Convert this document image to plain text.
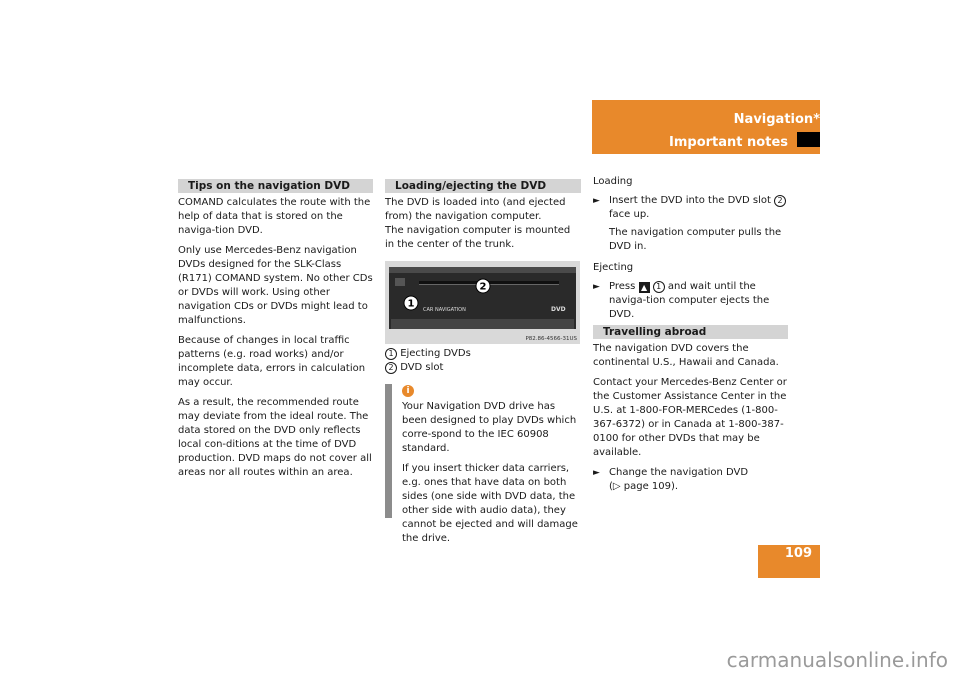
Navigation*
Important notes
Tips on the navigation DVD

COMAND calculates the route with the help of data that is stored on the naviga-tion DVD.

Only use Mercedes-Benz navigation DVDs designed for the SLK-Class (R171) COMAND system. No other CDs or DVDs will work. Using other navigation CDs or DVDs might lead to malfunctions.

Because of changes in local traffic patterns (e.g. road works) and/or incomplete data, errors in calculation may occur.

As a result, the recommended route may deviate from the ideal route. The data stored on the DVD only reflects local con-ditions at the time of DVD production. DVD maps do not cover all areas nor all routes within an area.

Loading/ejecting the DVD
The DVD is loaded into (and ejected from) the navigation computer.
The navigation computer is mounted in the center of the trunk.
CAR NAVIGATION	DVD
1
2
P82.86-4566-31US
1 Ejecting DVDs
2 DVD slot
i

Your Navigation DVD drive has been designed to play DVDs which corre-spond to the IEC 60908 standard.

If you insert thicker data carriers, e.g. ones that have data on both sides (one side with DVD data, the other side with audio data), they cannot be ejected and will damage the drive.

Loading
► Insert the DVD into the DVD slot 2 face up.
The navigation computer pulls the DVD in.
Ejecting
► Press ▲ 1 and wait until the naviga-tion computer ejects the DVD.
Travelling abroad

The navigation DVD covers the continental U.S., Hawaii and Canada.

Contact your Mercedes-Benz Center or the Customer Assistance Center in the U.S. at 1-800-FOR-MERCedes (1-800-367-6372) or in Canada at 1-800-387-0100 for other DVDs that may be available.

► Change the navigation DVD
(▷ page 109).
109
carmanualsonline.info
